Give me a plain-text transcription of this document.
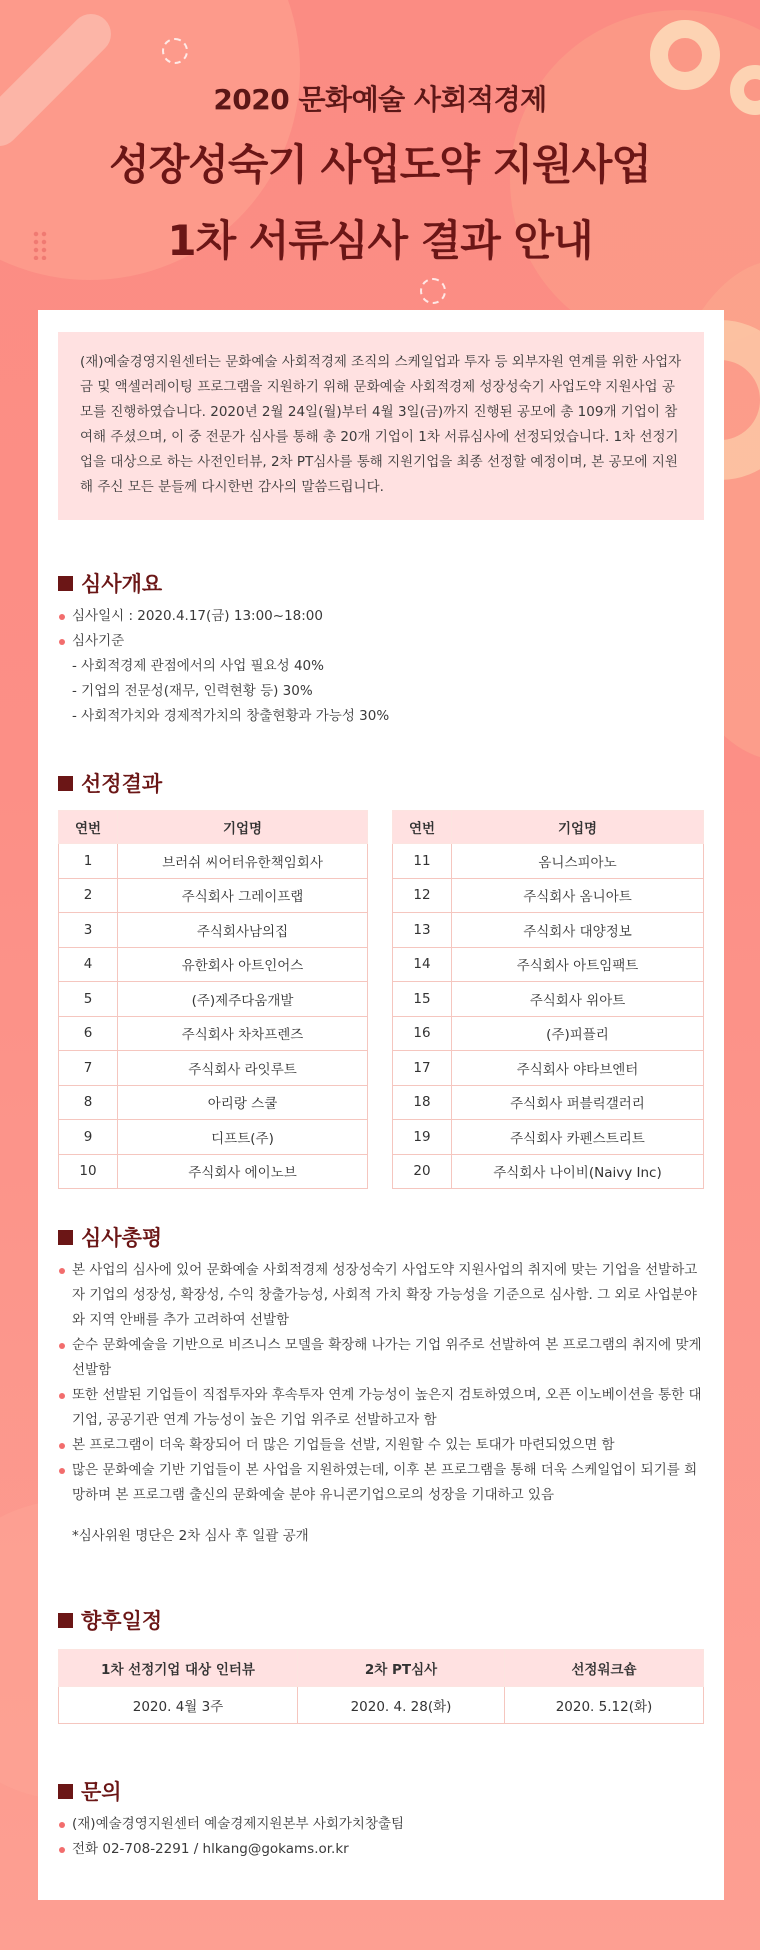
2020 문화예술 사회적경제
성장성숙기 사업도약 지원사업
1차 서류심사 결과 안내
(재)예술경영지원센터는 문화예술 사회적경제 조직의 스케일업과 투자 등 외부자원 연계를 위한 사업자금 및 액셀러레이팅 프로그램을 지원하기 위해 문화예술 사회적경제 성장성숙기 사업도약 지원사업 공모를 진행하였습니다. 2020년 2월 24일(월)부터 4월 3일(금)까지 진행된 공모에 총 109개 기업이 참여해 주셨으며, 이 중 전문가 심사를 통해 총 20개 기업이 1차 서류심사에 선정되었습니다. 1차 선정기업을 대상으로 하는 사전인터뷰, 2차 PT심사를 통해 지원기업을 최종 선정할 예정이며, 본 공모에 지원해 주신 모든 분들께 다시한번 감사의 말씀드립니다.
심사개요
심사일시 : 2020.4.17(금) 13:00~18:00
심사기준
- 사회적경제 관점에서의 사업 필요성 40%
- 기업의 전문성(재무, 인력현황 등) 30%
- 사회적가치와 경제적가치의 창출현황과 가능성 30%
선정결과
연번	기업명
1	브러쉬 씨어터유한책임회사
2	주식회사 그레이프랩
3	주식회사남의집
4	유한회사 아트인어스
5	(주)제주다움개발
6	주식회사 차차프렌즈
7	주식회사 라잇루트
8	아리랑 스쿨
9	디프트(주)
10	주식회사 에이노브
연번	기업명
11	옴니스피아노
12	주식회사 옴니아트
13	주식회사 대양정보
14	주식회사 아트임팩트
15	주식회사 위아트
16	(주)피플리
17	주식회사 야타브엔터
18	주식회사 퍼블릭갤러리
19	주식회사 카펜스트리트
20	주식회사 나이비(Naivy Inc)
심사총평
본 사업의 심사에 있어 문화예술 사회적경제 성장성숙기 사업도약 지원사업의 취지에 맞는 기업을 선발하고자 기업의 성장성, 확장성, 수익 창출가능성, 사회적 가치 확장 가능성을 기준으로 심사함. 그 외로 사업분야와 지역 안배를 추가 고려하여 선발함
순수 문화예술을 기반으로 비즈니스 모델을 확장해 나가는 기업 위주로 선발하여 본 프로그램의 취지에 맞게 선발함
또한 선발된 기업들이 직접투자와 후속투자 연계 가능성이 높은지 검토하였으며, 오픈 이노베이션을 통한 대기업, 공공기관 연계 가능성이 높은 기업 위주로 선발하고자 함
본 프로그램이 더욱 확장되어 더 많은 기업들을 선발, 지원할 수 있는 토대가 마련되었으면 함
많은 문화예술 기반 기업들이 본 사업을 지원하였는데, 이후 본 프로그램을 통해 더욱 스케일업이 되기를 희망하며 본 프로그램 출신의 문화예술 분야 유니콘기업으로의 성장을 기대하고 있음
*심사위원 명단은 2차 심사 후 일괄 공개
향후일정
1차 선정기업 대상 인터뷰	2차 PT심사	선정워크숍
2020. 4월 3주	2020. 4. 28(화)	2020. 5.12(화)
문의
(재)예술경영지원센터 예술경제지원본부 사회가치창출팀
전화 02-708-2291 / hlkang@gokams.or.kr
